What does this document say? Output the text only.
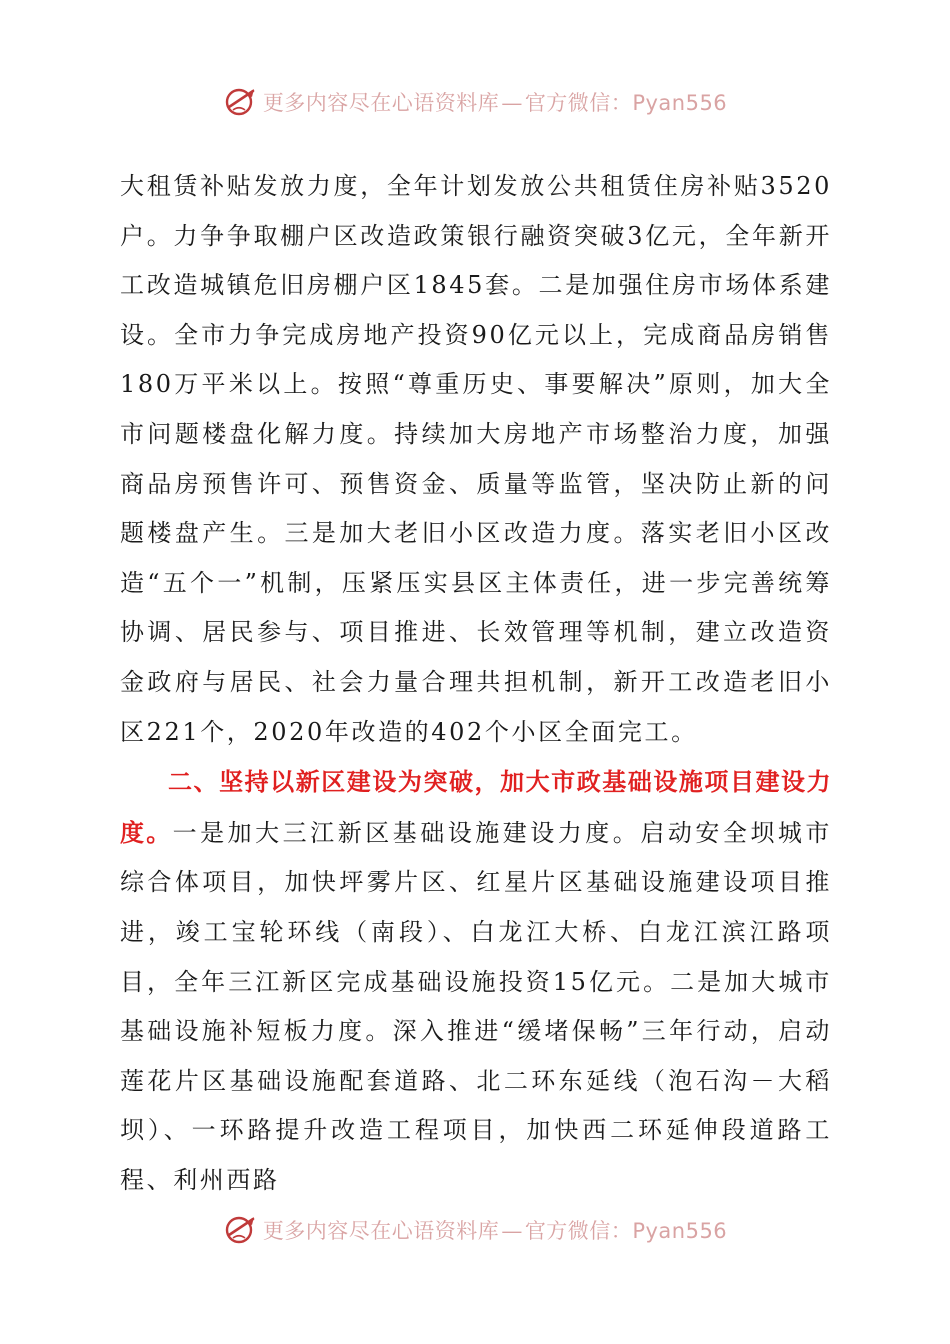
更多内容尽在心语资料库—官方微信：Pyan556

大租赁补贴发放力度，全年计划发放公共租赁住房补贴3520户。力争争取棚户区改造政策银行融资突破3亿元，全年新开工改造城镇危旧房棚户区1845套。二是加强住房市场体系建设。全市力争完成房地产投资90亿元以上，完成商品房销售180万平米以上。按照“尊重历史、事要解决”原则，加大全市问题楼盘化解力度。持续加大房地产市场整治力度，加强商品房预售许可、预售资金、质量等监管，坚决防止新的问题楼盘产生。三是加大老旧小区改造力度。落实老旧小区改造“五个一”机制，压紧压实县区主体责任，进一步完善统筹协调、居民参与、项目推进、长效管理等机制，建立改造资金政府与居民、社会力量合理共担机制，新开工改造老旧小区221个，2020年改造的402个小区全面完工。

二、坚持以新区建设为突破，加大市政基础设施项目建设力度。一是加大三江新区基础设施建设力度。启动安全坝城市综合体项目，加快坪雾片区、红星片区基础设施建设项目推进，竣工宝轮环线（南段）、白龙江大桥、白龙江滨江路项目，全年三江新区完成基础设施投资15亿元。二是加大城市基础设施补短板力度。深入推进“缓堵保畅”三年行动，启动莲花片区基础设施配套道路、北二环东延线（泡石沟－大稻坝）、一环路提升改造工程项目，加快西二环延伸段道路工程、利州西路

更多内容尽在心语资料库—官方微信：Pyan556
